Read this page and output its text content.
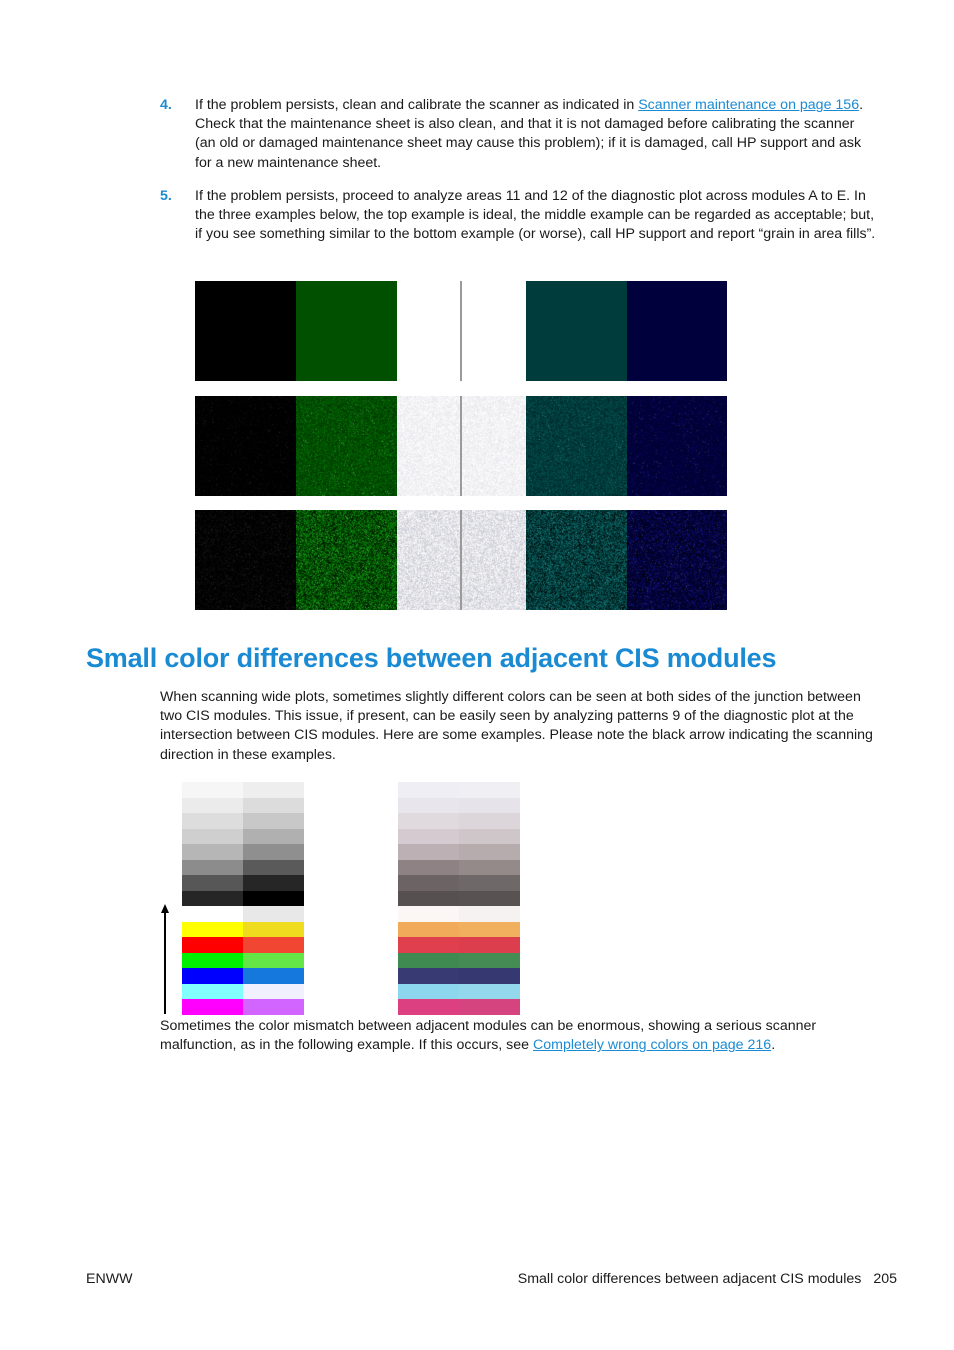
4. If the problem persists, clean and calibrate the scanner as indicated in Scanner maintenance on page 156. Check that the maintenance sheet is also clean, and that it is not damaged before calibrating the scanner (an old or damaged maintenance sheet may cause this problem); if it is damaged, call HP support and ask for a new maintenance sheet.
5. If the problem persists, proceed to analyze areas 11 and 12 of the diagnostic plot across modules A to E. In the three examples below, the top example is ideal, the middle example can be regarded as acceptable; but, if you see something similar to the bottom example (or worse), call HP support and report “grain in area fills”.
Small color differences between adjacent CIS modules

When scanning wide plots, sometimes slightly different colors can be seen at both sides of the junction between two CIS modules. This issue, if present, can be easily seen by analyzing patterns 9 of the diagnostic plot at the intersection between CIS modules. Here are some examples. Please note the black arrow indicating the scanning direction in these examples.

Sometimes the color mismatch between adjacent modules can be enormous, showing a serious scanner malfunction, as in the following example. If this occurs, see Completely wrong colors on page 216.

ENWW	Small color differences between adjacent CIS modules 205
